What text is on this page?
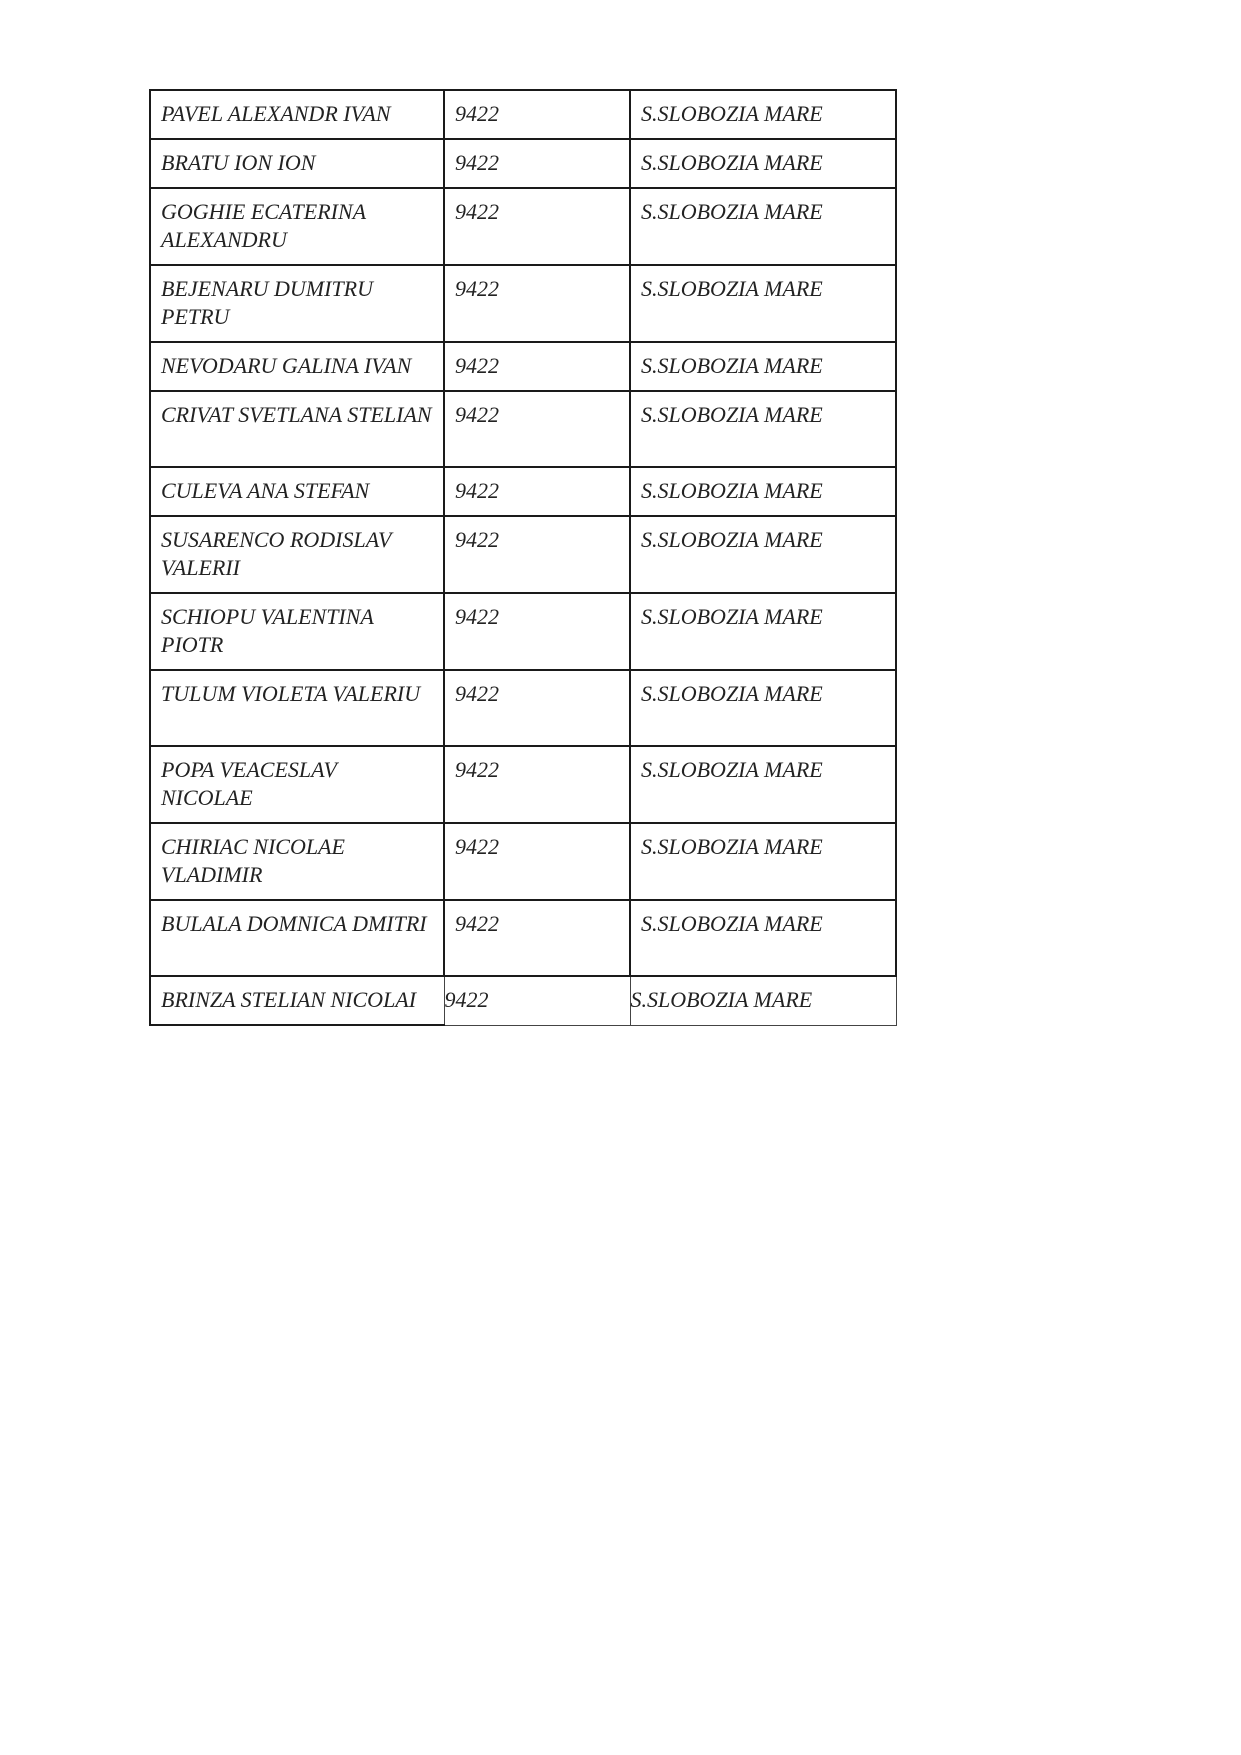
PAVEL ALEXANDR IVAN	9422	S.SLOBOZIA MARE
BRATU ION ION	9422	S.SLOBOZIA MARE
GOGHIE ECATERINA ALEXANDRU	9422	S.SLOBOZIA MARE
BEJENARU DUMITRU PETRU	9422	S.SLOBOZIA MARE
NEVODARU GALINA IVAN	9422	S.SLOBOZIA MARE
CRIVAT SVETLANA STELIAN	9422	S.SLOBOZIA MARE
CULEVA ANA STEFAN	9422	S.SLOBOZIA MARE
SUSARENCO RODISLAV VALERII	9422	S.SLOBOZIA MARE
SCHIOPU VALENTINA PIOTR	9422	S.SLOBOZIA MARE
TULUM VIOLETA VALERIU	9422	S.SLOBOZIA MARE
POPA VEACESLAV NICOLAE	9422	S.SLOBOZIA MARE
CHIRIAC NICOLAE VLADIMIR	9422	S.SLOBOZIA MARE
BULALA DOMNICA DMITRI	9422	S.SLOBOZIA MARE
BRINZA STELIAN NICOLAI	9422	S.SLOBOZIA MARE
